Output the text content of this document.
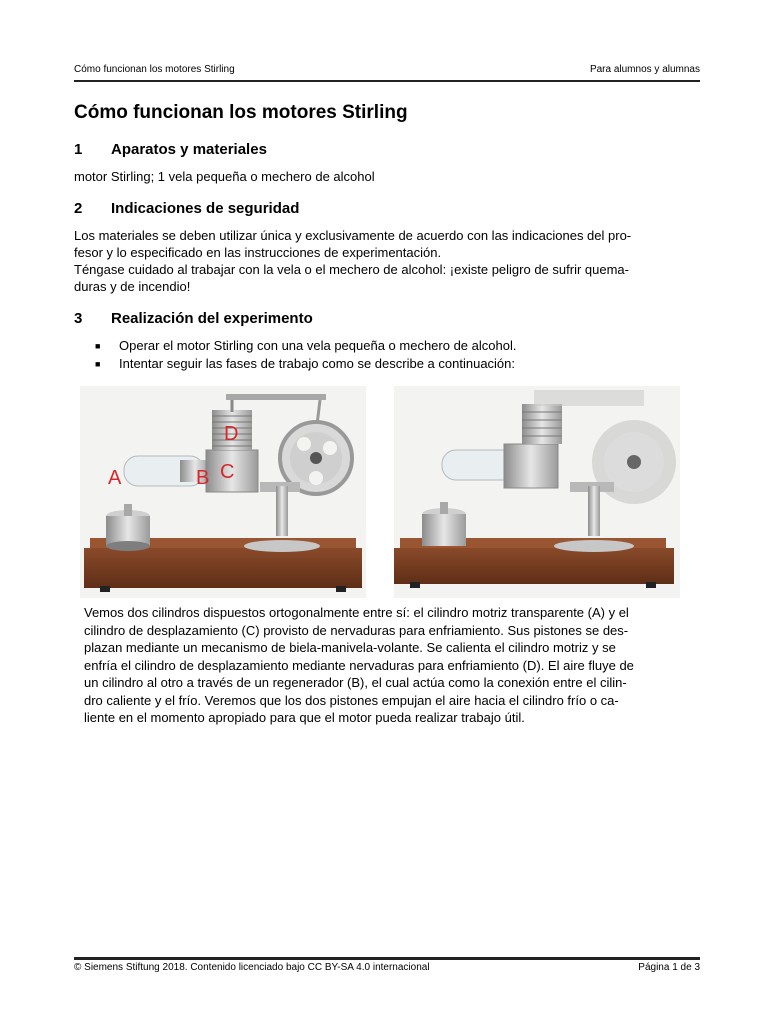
Cómo funcionan los motores Stirling	Para alumnos y alumnas
Cómo funcionan los motores Stirling
1 Aparatos y materiales

motor Stirling; 1 vela pequeña o mechero de alcohol

2 Indicaciones de seguridad
Los materiales se deben utilizar única y exclusivamente de acuerdo con las indicaciones del pro-
fesor y lo especificado en las instrucciones de experimentación.
Téngase cuidado al trabajar con la vela o el mechero de alcohol: ¡existe peligro de sufrir quema-
duras y de incendio!
3 Realización del experimento
■ Operar el motor Stirling con una vela pequeña o mechero de alcohol.
■ Intentar seguir las fases de trabajo como se describe a continuación:
A	B C
D
Vemos dos cilindros dispuestos ortogonalmente entre sí: el cilindro motriz transparente (A) y el
cilindro de desplazamiento (C) provisto de nervaduras para enfriamiento. Sus pistones se des-
plazan mediante un mecanismo de biela-manivela-volante. Se calienta el cilindro motriz y se
enfría el cilindro de desplazamiento mediante nervaduras para enfriamiento (D). El aire fluye de
un cilindro al otro a través de un regenerador (B), el cual actúa como la conexión entre el cilin-
dro caliente y el frío. Veremos que los dos pistones empujan el aire hacia el cilindro frío o ca-
liente en el momento apropiado para que el motor pueda realizar trabajo útil.
© Siemens Stiftung 2018. Contenido licenciado bajo CC BY-SA 4.0 internacional	Página 1 de 3
